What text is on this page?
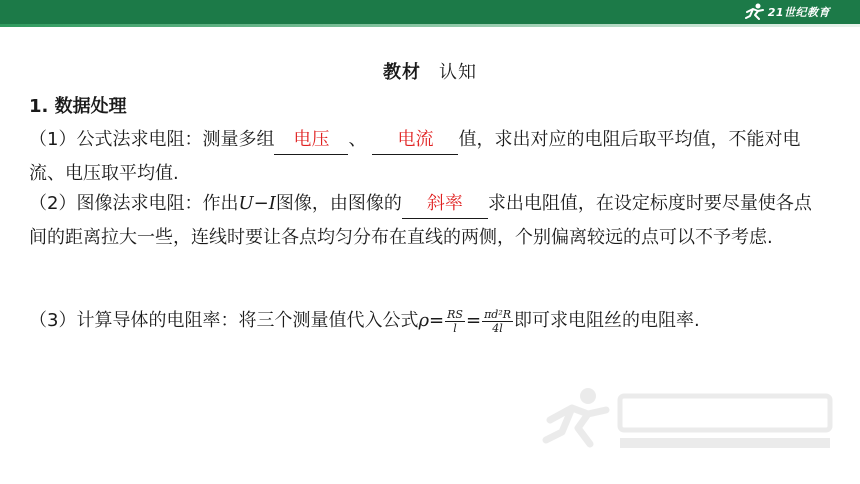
21世纪教育
教材 认知
1. 数据处理
（1）公式法求电阻：测量多组 电压 、 电流 值，求出对应的电阻后取平均值，不能对电流、电压取平均值.
（2）图像法求电阻：作出U−I图像，由图像的 斜率 求出电阻值，在设定标度时要尽量使各点间的距离拉大一些，连线时要让各点均匀分布在直线的两侧，个别偏离较远的点可以不予考虑.
（3）计算导体的电阻率：将三个测量值代入公式$\rho= \frac{RS}{l} = \frac{\text{πd²R}}{4l}$ 即可求电阻丝的电阻率.
